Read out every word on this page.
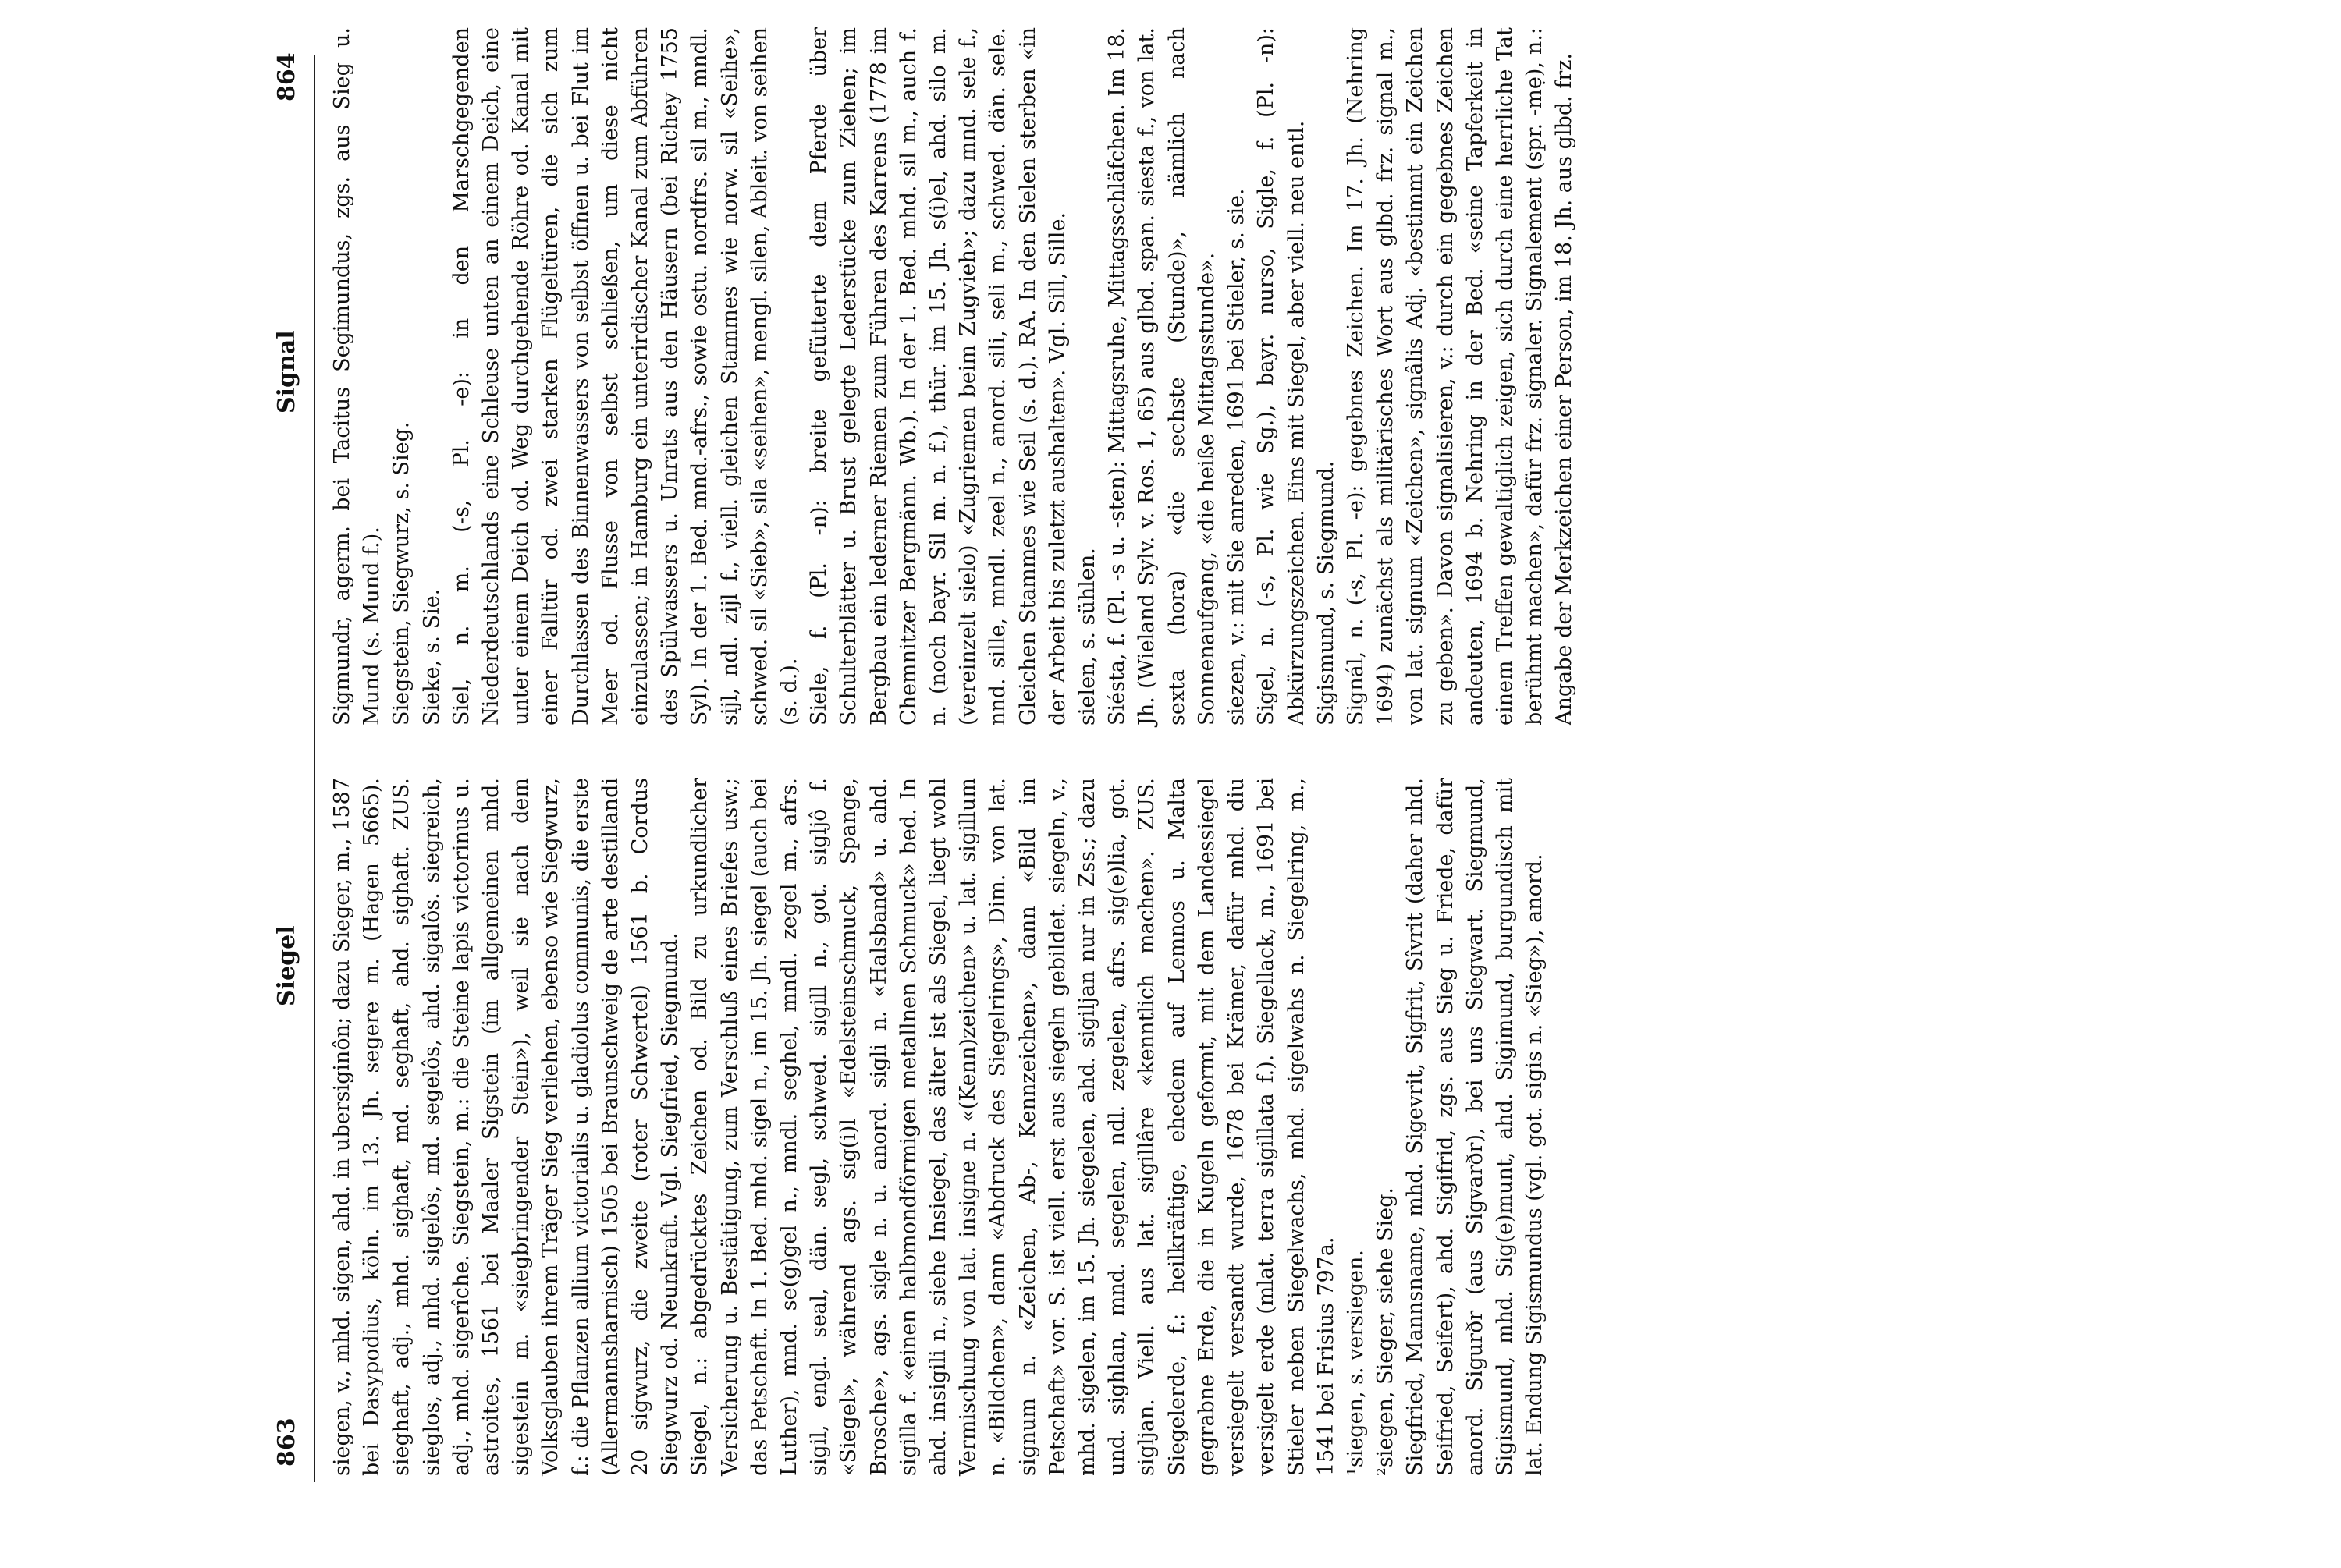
863
Siegel
Signal
864

siegen, v., mhd. sigen, ahd. in ubersiginôn; dazu Sieger, m., 1587 bei Dasypodius, köln. im 13. Jh. segere m. (Hagen 5665). sieghaft, adj., mhd. sighaft, md. seghaft, ahd. sighaft. ZUS. sieglos, adj., mhd. sigelôs, md. segelôs, ahd. sigalôs. siegreich, adj., mhd. sigerîche. Siegstein, m.: die Steine lapis victorinus u. astroites, 1561 bei Maaler Sigstein (im allgemeinen mhd. sigestein m. «siegbringender Stein»), weil sie nach dem Volksglauben ihrem Träger Sieg verliehen, ebenso wie Siegwurz, f.: die Pflanzen allium victorialis u. gladiolus communis, die erste (Allermannsharnisch) 1505 bei Braunschweig de arte destillandi 20 sigwurz, die zweite (roter Schwertel) 1561 b. Cordus Siegwurz od. Neunkraft. Vgl. Siegfried, Siegmund. Siegel, n.: abgedrücktes Zeichen od. Bild zu urkundlicher Versicherung u. Bestätigung, zum Verschluß eines Briefes usw.; das Petschaft. In 1. Bed. mhd. sigel n., im 15. Jh. siegel (auch bei Luther), mnd. se(g)gel n., mndl. seghel, mndl. zegel m., afrs. sigil, engl. seal, dän. segl, schwed. sigill n., got. sigljô f. «Siegel», während ags. sig(i)l «Edelsteinschmuck, Spange, Brosche», ags. sigle n. u. anord. sigli n. «Halsband» u. ahd. sigilla f. «einen halbmondförmigen metallnen Schmuck» bed. In ahd. insigili n., siehe Insiegel, das älter ist als Siegel, liegt wohl Vermischung von lat. insigne n. «(Kenn)zeichen» u. lat. sigillum n. «Bildchen», dann «Abdruck des Siegelrings», Dim. von lat. signum n. «Zeichen, Ab-, Kennzeichen», dann «Bild im Petschaft» vor. S. ist viell. erst aus siegeln gebildet. siegeln, v., mhd. sigelen, im 15. Jh. siegelen, ahd. sigiljan nur in Zss.; dazu und. sighlan, mnd. segelen, ndl. zegelen, afrs. sig(e)lia, got. sigljan. Viell. aus lat. sigillâre «kenntlich machen». ZUS. Siegelerde, f.: heilkräftige, ehedem auf Lemnos u. Malta gegrabne Erde, die in Kugeln geformt, mit dem Landessiegel versiegelt versandt wurde, 1678 bei Krämer, dafür mhd. diu versigelt erde (mlat. terra sigillata f.). Siegellack, m., 1691 bei Stieler neben Siegelwachs, mhd. sigelwahs n. Siegelring, m., 1541 bei Frisius 797a. ¹siegen, s. versiegen. ²siegen, Sieger, siehe Sieg. Siegfried, Mannsname, mhd. Sigevrit, Sigfrit, Sîvrit (daher nhd. Seifried, Seifert), ahd. Sigifrid, zgs. aus Sieg u. Friede, dafür anord. Sigurðr (aus Sigvarðr), bei uns Siegwart. Siegmund, Sigismund, mhd. Sig(e)munt, ahd. Sigimund, burgundisch mit lat. Endung Sigismundus (vgl. got. sigis n. «Sieg»), anord.

Sigmundr, agerm. bei Tacitus Segimundus, zgs. aus Sieg u. Mund (s. Mund f.). Siegstein, Siegwurz, s. Sieg. Sieke, s. Sie. Siel, n. m. (-s, Pl. -e): in den Marschgegenden Niederdeutschlands eine Schleuse unten an einem Deich, eine unter einem Deich od. Weg durchgehende Röhre od. Kanal mit einer Falltür od. zwei starken Flügeltüren, die sich zum Durchlassen des Binnenwassers von selbst öffnen u. bei Flut im Meer od. Flusse von selbst schließen, um diese nicht einzulassen; in Hamburg ein unterirdischer Kanal zum Abführen des Spülwassers u. Unrats aus den Häusern (bei Richey 1755 Syl). In der 1. Bed. mnd.-afrs., sowie ostu. nordfrs. sil m., mndl. sijl, ndl. zijl f., viell. gleichen Stammes wie norw. sil «Seihe», schwed. sil «Sieb», sila «seihen», mengl. silen, Ableit. von seihen (s. d.). Siele, f. (Pl. -n): breite gefütterte dem Pferde über Schulterblätter u. Brust gelegte Lederstücke zum Ziehen; im Bergbau ein lederner Riemen zum Führen des Karrens (1778 im Chemnitzer Bergmänn. Wb.). In der 1. Bed. mhd. sil m., auch f. n. (noch bayr. Sil m. n. f.), thür. im 15. Jh. s(i)el, ahd. silo m. (vereinzelt sielo) «Zugriemen beim Zugvieh»; dazu mnd. sele f., nnd. sille, mndl. zeel n., anord. sili, seli m., schwed. dän. sele. Gleichen Stammes wie Seil (s. d.). RA. In den Sielen sterben «in der Arbeit bis zuletzt aushalten». Vgl. Sill, Sille. sielen, s. sühlen. Siésta, f. (Pl. -s u. -sten): Mittagsruhe, Mittagsschläfchen. Im 18. Jh. (Wieland Sylv. v. Ros. 1, 65) aus glbd. span. siesta f., von lat. sexta (hora) «die sechste (Stunde)», nämlich nach Sonnenaufgang, «die heiße Mittagsstunde». siezen, v.: mit Sie anreden, 1691 bei Stieler, s. sie. Sigel, n. (-s, Pl. wie Sg.), bayr. nurso, Sigle, f. (Pl. -n): Abkürzungszeichen. Eins mit Siegel, aber viell. neu entl. Sigismund, s. Siegmund. Signál, n. (-s, Pl. -e): gegebnes Zeichen. Im 17. Jh. (Nehring 1694) zunächst als militärisches Wort aus glbd. frz. signal m., von lat. signum «Zeichen», signâlis Adj. «bestimmt ein Zeichen zu geben». Davon signalisieren, v.: durch ein gegebnes Zeichen andeuten, 1694 b. Nehring in der Bed. «seine Tapferkeit in einem Treffen gewaltiglich zeigen, sich durch eine herrliche Tat berühmt machen», dafür frz. signaler. Signalement (spr. -mẹ), n.: Angabe der Merkzeichen einer Person, im 18. Jh. aus glbd. frz.
